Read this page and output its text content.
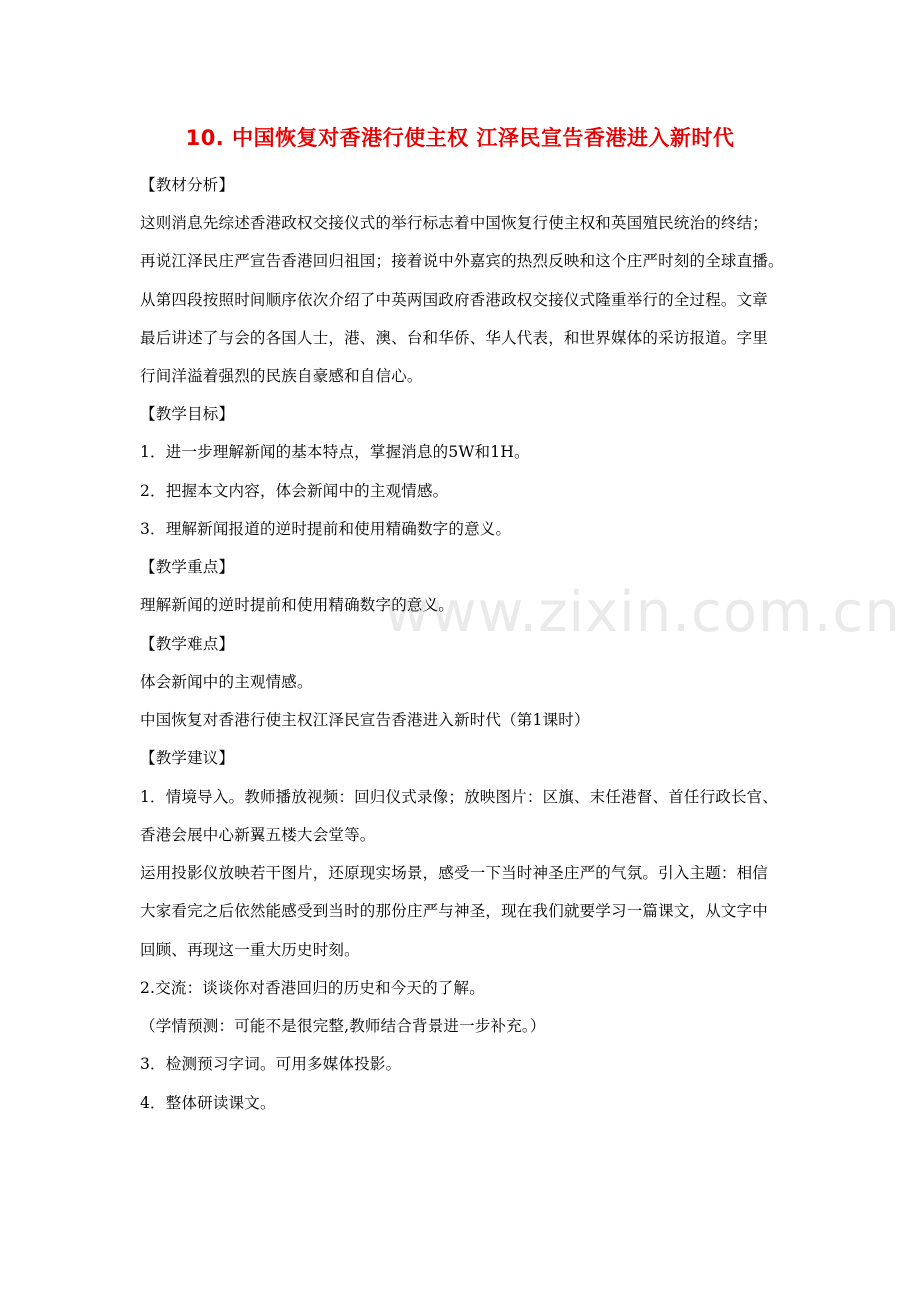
www.zixin.com.cn
10. 中国恢复对香港行使主权 江泽民宣告香港进入新时代
【教材分析】
这则消息先综述香港政权交接仪式的举行标志着中国恢复行使主权和英国殖民统治的终结；
再说江泽民庄严宣告香港回归祖国；接着说中外嘉宾的热烈反映和这个庄严时刻的全球直播。
从第四段按照时间顺序依次介绍了中英两国政府香港政权交接仪式隆重举行的全过程。文章
最后讲述了与会的各国人士，港、澳、台和华侨、华人代表，和世界媒体的采访报道。字里
行间洋溢着强烈的民族自豪感和自信心。
【教学目标】
1．进一步理解新闻的基本特点，掌握消息的5W和1H。
2．把握本文内容，体会新闻中的主观情感。
3．理解新闻报道的逆时提前和使用精确数字的意义。
【教学重点】
理解新闻的逆时提前和使用精确数字的意义。
【教学难点】
体会新闻中的主观情感。
中国恢复对香港行使主权江泽民宣告香港进入新时代（第1课时）
【教学建议】
1．情境导入。教师播放视频：回归仪式录像；放映图片：区旗、末任港督、首任行政长官、
香港会展中心新翼五楼大会堂等。
运用投影仪放映若干图片，还原现实场景，感受一下当时神圣庄严的气氛。引入主题：相信
大家看完之后依然能感受到当时的那份庄严与神圣，现在我们就要学习一篇课文，从文字中
回顾、再现这一重大历史时刻。
2.交流：谈谈你对香港回归的历史和今天的了解。
（学情预测：可能不是很完整,教师结合背景进一步补充。）
3．检测预习字词。可用多媒体投影。
4．整体研读课文。
